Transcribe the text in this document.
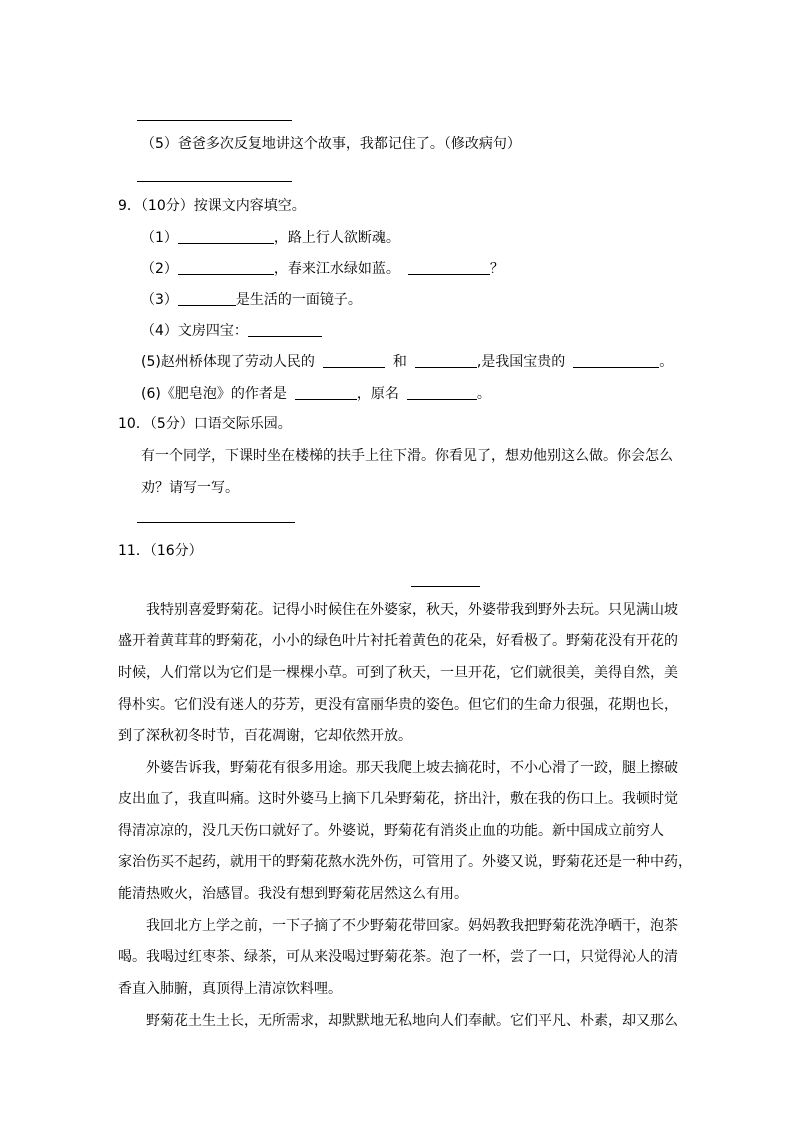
（5）爸爸多次反复地讲这个故事，我都记住了。（修改病句）
9．（10分）按课文内容填空。
（1）	，路上行人欲断魂。
（2）	，春来江水绿如蓝。	？
（3）	是生活的一面镜子。
（4）文房四宝：
(5)赵州桥体现了劳动人民的	和	,是我国宝贵的	。
(6)《肥皂泡》的作者是	，原名	。
10．（5分）口语交际乐园。
有一个同学，下课时坐在楼梯的扶手上往下滑。你看见了，想劝他别这么做。你会怎么
劝？请写一写。
11．（16分）
我特别喜爱野菊花。记得小时候住在外婆家，秋天，外婆带我到野外去玩。只见满山坡
盛开着黄茸茸的野菊花，小小的绿色叶片衬托着黄色的花朵，好看极了。野菊花没有开花的
时候，人们常以为它们是一棵棵小草。可到了秋天，一旦开花，它们就很美，美得自然，美
得朴实。它们没有迷人的芬芳，更没有富丽华贵的姿色。但它们的生命力很强，花期也长，
到了深秋初冬时节，百花凋谢，它却依然开放。
外婆告诉我，野菊花有很多用途。那天我爬上坡去摘花时，不小心滑了一跤，腿上擦破
皮出血了，我直叫痛。这时外婆马上摘下几朵野菊花，挤出汁，敷在我的伤口上。我顿时觉
得清凉凉的，没几天伤口就好了。外婆说，野菊花有消炎止血的功能。新中国成立前穷人
家治伤买不起药，就用干的野菊花熬水洗外伤，可管用了。外婆又说，野菊花还是一种中药，
能清热败火，治感冒。我没有想到野菊花居然这么有用。
我回北方上学之前，一下子摘了不少野菊花带回家。妈妈教我把野菊花洗净晒干，泡茶
喝。我喝过红枣茶、绿茶，可从来没喝过野菊花茶。泡了一杯，尝了一口，只觉得沁人的清
香直入肺腑，真顶得上清凉饮料哩。
野菊花土生土长，无所需求，却默默地无私地向人们奉献。它们平凡、朴素，却又那么
